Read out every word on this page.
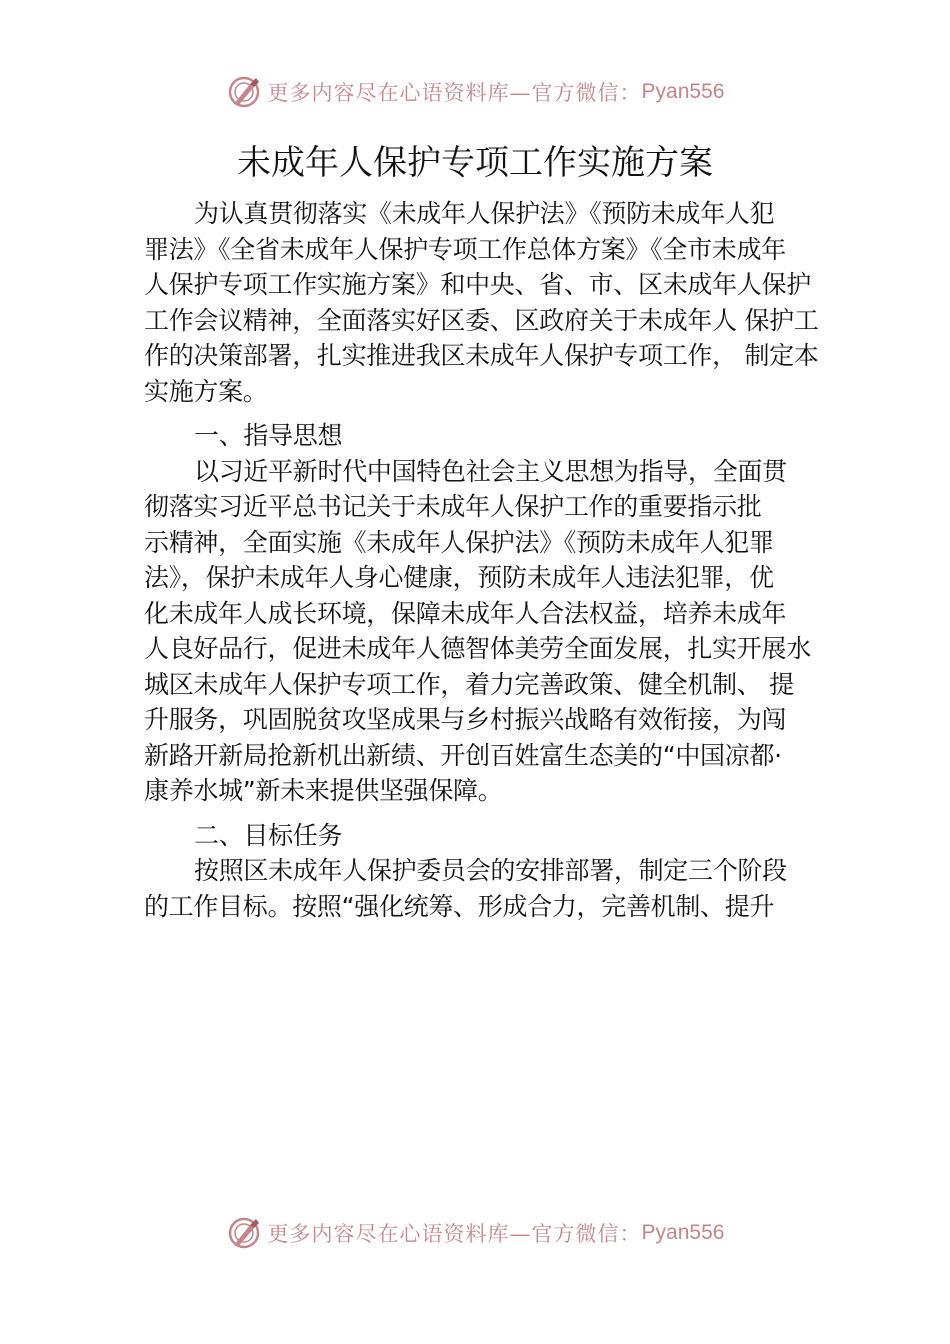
更多内容尽在心语资料库—官方微信： Pyan556
未成年人保护专项工作实施方案
为认真贯彻落实《未成年人保护法》《预防未成年人犯
罪法》《全省未成年人保护专项工作总体方案》《全市未成年
人保护专项工作实施方案》和中央、省、市、区未成年人保护
工作会议精神，全面落实好区委、区政府关于未成年人 保护工
作的决策部署，扎实推进我区未成年人保护专项工作， 制定本
实施方案。
一、指导思想
以习近平新时代中国特色社会主义思想为指导，全面贯
彻落实习近平总书记关于未成年人保护工作的重要指示批
示精神，全面实施《未成年人保护法》《预防未成年人犯罪
法》，保护未成年人身心健康，预防未成年人违法犯罪，优
化未成年人成长环境，保障未成年人合法权益，培养未成年
人良好品行，促进未成年人德智体美劳全面发展，扎实开展水
城区未成年人保护专项工作，着力完善政策、健全机制、 提
升服务，巩固脱贫攻坚成果与乡村振兴战略有效衔接，为闯
新路开新局抢新机出新绩、开创百姓富生态美的“中国凉都·
康养水城”新未来提供坚强保障。
二、目标任务
按照区未成年人保护委员会的安排部署，制定三个阶段
的工作目标。按照“强化统筹、形成合力，完善机制、提升
更多内容尽在心语资料库—官方微信： Pyan556
